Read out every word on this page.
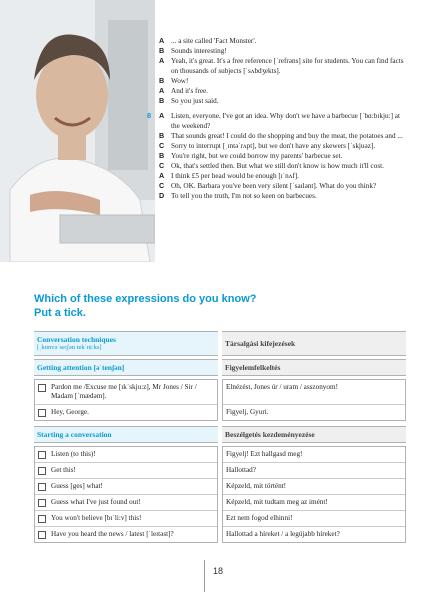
A ... a site called 'Fact Monster'.
B Sounds interesting!
A Yeah, it's great. It's a free reference [ˈrefrəns] site for students. You can find facts on thousands of subjects [ˈsʌbdʒekts].
B Wow!
A And it's free.
B So you just said.
8	A Listen, everyone. I've got an idea. Why don't we have a barbecue [ˈbɑ:bɪkju:] at the weekend?
B That sounds great! I could do the shopping and buy the meat, the potatoes and ...
C Sorry to interrupt [ˌɪntəˈrʌpt], but we don't have any skewers [ˈskjuəz].
B You're right, but we could borrow my parents' barbecue set.
C Ok, that's settled then. But what we still don't know is how much it'll cost.
A I think £5 per head would be enough [ɪˈnʌf].
C Oh, OK. Barbara you've been very silent [ˈsaɪlənt]. What do you think?
D To tell you the truth, I'm not so keen on barbecues.
Which of these expressions do you know?
Put a tick.
Conversation techniques
[ˌkɒnvəˈseɪʃən tekˈni:ks]
Getting attention [əˈtenʃən]
Pardon me /Excuse me [ɪkˈskju:z], Mr Jones / Sir / Madam [ˈmædəm].
Hey, George.
Starting a conversation
Listen (to this)!
Get this!
Guess [ges] what!
Guess what I've just found out!
You won't believe [bɪˈli:v] this!
Have you heard the news / latest [ˈleɪtəst]?
Társalgási kifejezések
Figyelemfelkeltés
Elnézést, Jones úr / uram / asszonyom!
Figyelj, Gyuri.
Beszélgetés kezdeményezése
Figyelj! Ezt hallgasd meg!
Hallottad?
Képzeld, mit történt!
Képzeld, mit tudtam meg az imént!
Ezt nem fogod elhinni!
Hallottad a híreket / a legújabb híreket?
18
